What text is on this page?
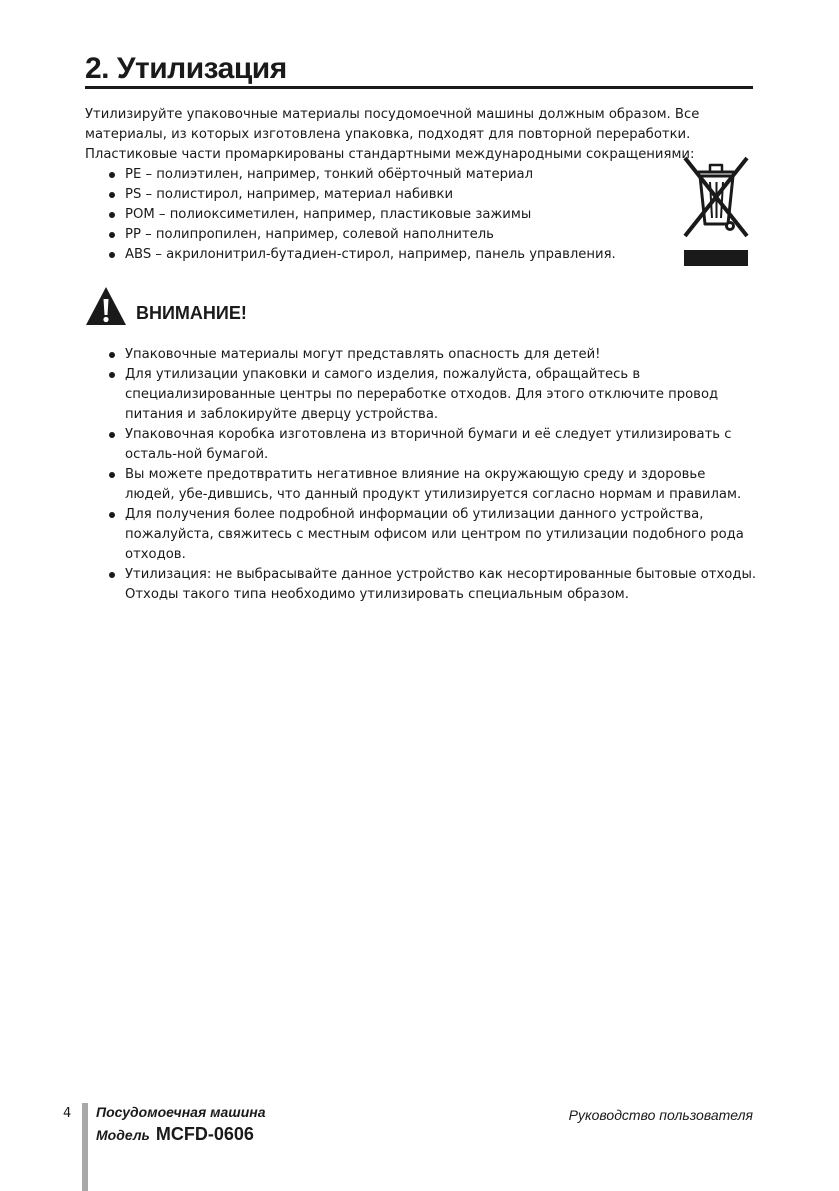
2. Утилизация

Утилизируйте упаковочные материалы посудомоечной машины должным образом. Все материалы, из которых изготовлена упаковка, подходят для повторной переработки.

Пластиковые части промаркированы стандартными международными сокращениями:

PE – полиэтилен, например, тонкий обёрточный материал
PS – полистирол, например, материал набивки
POM – полиоксиметилен, например, пластиковые зажимы
PP – полипропилен, например, солевой наполнитель
ABS – акрилонитрил-бутадиен-стирол, например, панель управления.
ВНИМАНИЕ!
Упаковочные материалы могут представлять опасность для детей!
Для утилизации упаковки и самого изделия, пожалуйста, обращайтесь в специализированные центры по переработке отходов. Для этого отключите провод питания и заблокируйте дверцу устройства.
Упаковочная коробка изготовлена из вторичной бумаги и её следует утилизировать с осталь-ной бумагой.
Вы можете предотвратить негативное влияние на окружающую среду и здоровье людей, убе-дившись, что данный продукт утилизируется согласно нормам и правилам.
Для получения более подробной информации об утилизации данного устройства, пожалуйста, свяжитесь с местным офисом или центром по утилизации подобного рода отходов.
Утилизация: не выбрасывайте данное устройство как несортированные бытовые отходы. Отходы такого типа необходимо утилизировать специальным образом.
4 Посудомоечная машина
Модель MCFD-0606
Руководство пользователя
